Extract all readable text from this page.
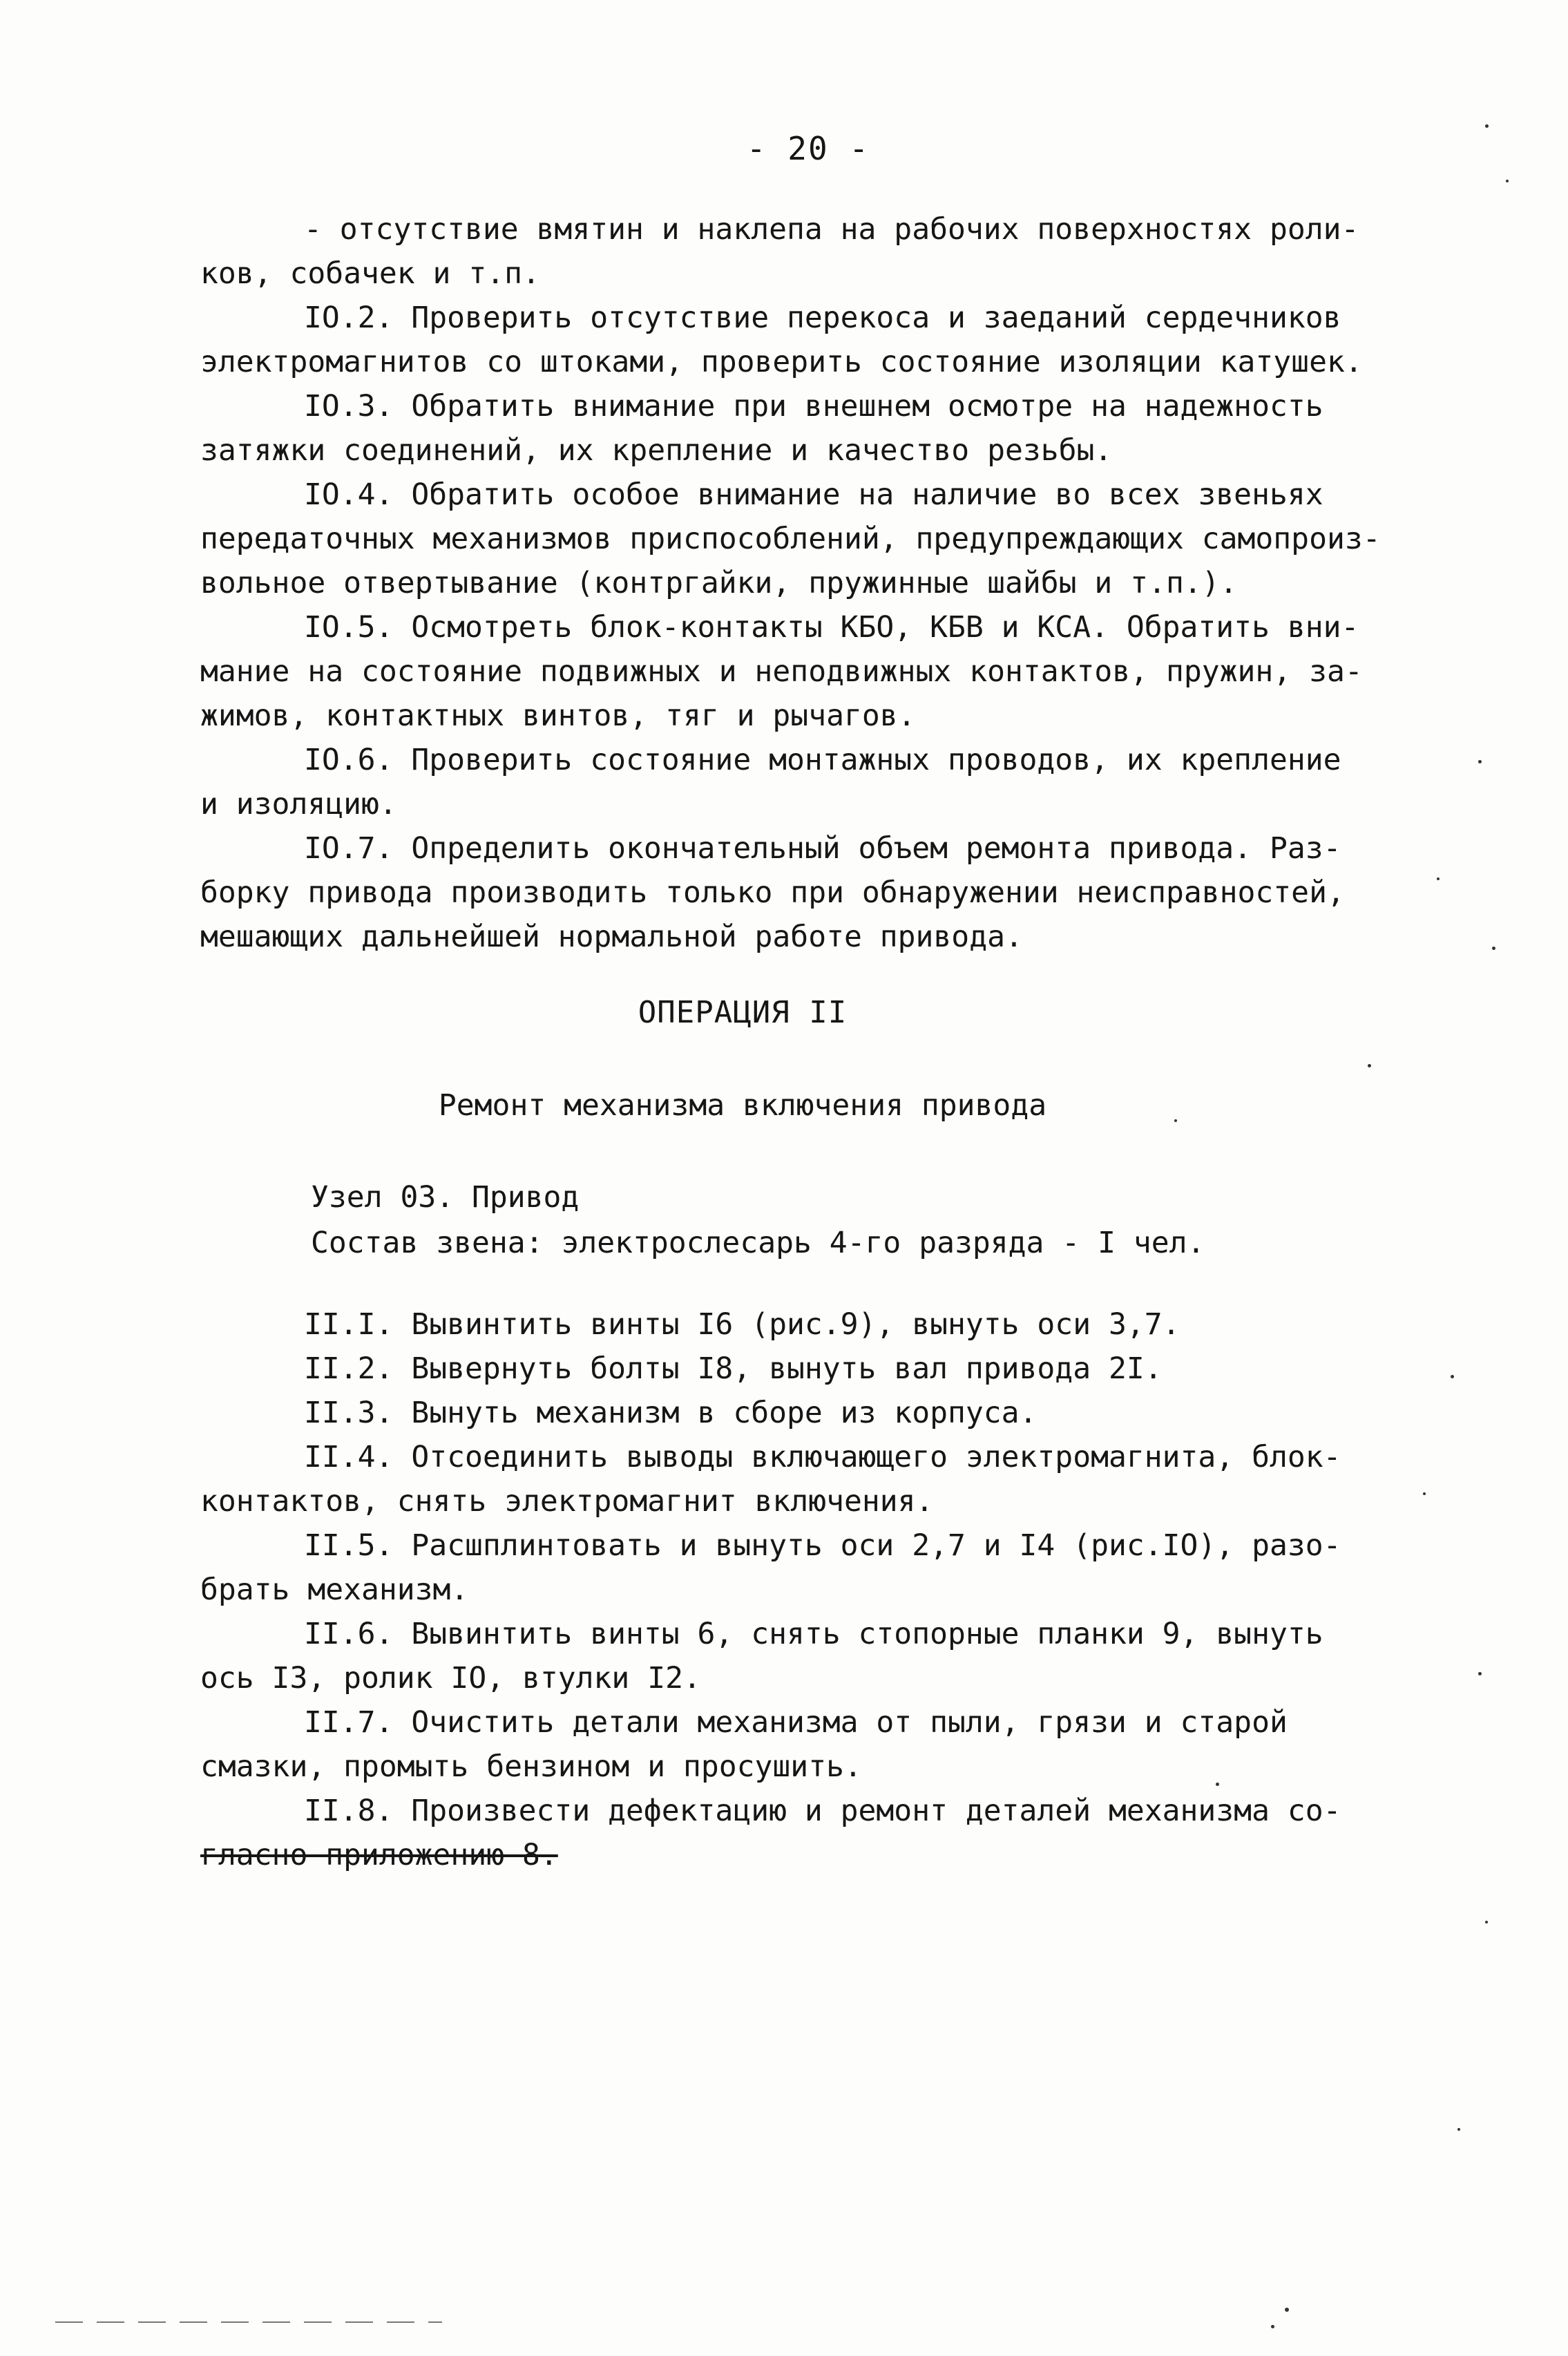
- 20 -
- отсутствие вмятин и наклепа на рабочих поверхностях роли-
ков, собачек и т.п.
IO.2. Проверить отсутствие перекоса и заеданий сердечников
электромагнитов со штоками, проверить состояние изоляции катушек.
IO.3. Обратить внимание при внешнем осмотре на надежность
затяжки соединений, их крепление и качество резьбы.
IO.4. Обратить особое внимание на наличие во всех звеньях
передаточных механизмов приспособлений, предупреждающих самопроиз-
вольное отвертывание (контргайки, пружинные шайбы и т.п.).
IO.5. Осмотреть блок-контакты КБО, КБВ и КСА. Обратить вни-
мание на состояние подвижных и неподвижных контактов, пружин, за-
жимов, контактных винтов, тяг и рычагов.
IO.6. Проверить состояние монтажных проводов, их крепление
и изоляцию.
IO.7. Определить окончательный объем ремонта привода. Раз-
борку привода производить только при обнаружении неисправностей,
мешающих дальнейшей нормальной работе привода.
ОПЕРАЦИЯ II
Ремонт механизма включения привода
Узел 03. Привод
Состав звена: электрослесарь 4-го разряда - I чел.
II.I. Вывинтить винты I6 (рис.9), вынуть оси 3,7.
II.2. Вывернуть болты I8, вынуть вал привода 2I.
II.3. Вынуть механизм в сборе из корпуса.
II.4. Отсоединить выводы включающего электромагнита, блок-
контактов, снять электромагнит включения.
II.5. Расшплинтовать и вынуть оси 2,7 и I4 (рис.IO), разо-
брать механизм.
II.6. Вывинтить винты 6, снять стопорные планки 9, вынуть
ось I3, ролик IO, втулки I2.
II.7. Очистить детали механизма от пыли, грязи и старой
смазки, промыть бензином и просушить.
II.8. Произвести дефектацию и ремонт деталей механизма со-
гласно приложению 8.
